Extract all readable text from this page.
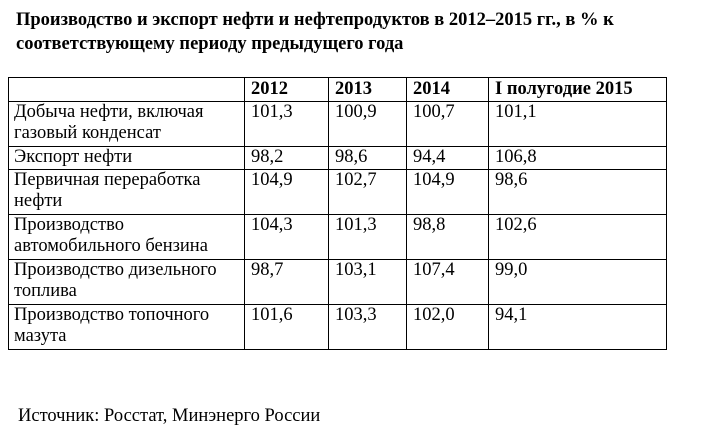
Производство и экспорт нефти и нефтепродуктов в 2012–2015 гг., в % к соответствующему периоду предыдущего года
	2012	2013	2014	I полугодие 2015
Добыча нефти, включая газовый конденсат	101,3	100,9	100,7	101,1
Экспорт нефти	98,2	98,6	94,4	106,8
Первичная переработка нефти	104,9	102,7	104,9	98,6
Производство автомобильного бензина	104,3	101,3	98,8	102,6
Производство дизельного топлива	98,7	103,1	107,4	99,0
Производство топочного мазута	101,6	103,3	102,0	94,1

Источник: Росстат, Минэнерго России
